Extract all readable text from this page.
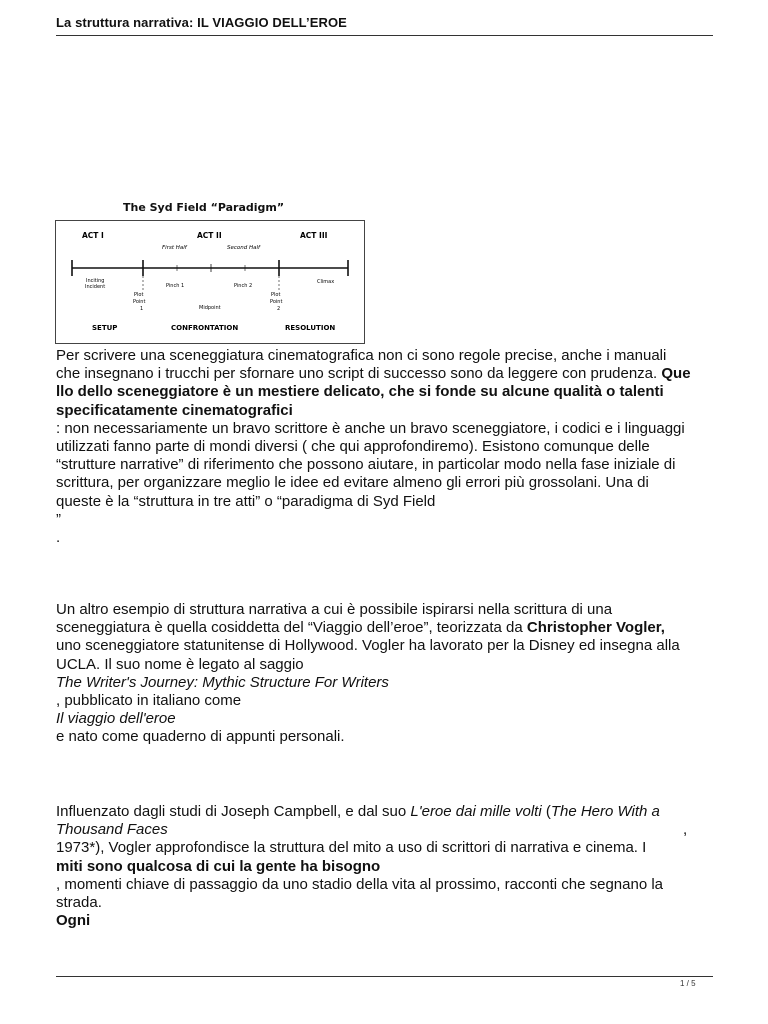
La struttura narrativa: IL VIAGGIO DELL’EROE
The Syd Field “Paradigm”
ACT I	ACT II	ACT III
First Half	Second Half
Inciting
Incident
Plot
Point
1
Pinch 1	Pinch 2
Midpoint
Plot
Point
2
Climax
SETUP	CONFRONTATION	RESOLUTION

Per scrivere una sceneggiatura cinematografica non ci sono regole precise, anche i manuali

che insegnano i trucchi per sfornare uno script di successo sono da leggere con prudenza. Que

llo dello sceneggiatore è un mestiere delicato, che si fonde su alcune qualità o talenti

specificatamente cinematografici

: non necessariamente un bravo scrittore è anche un bravo sceneggiatore, i codici e i linguaggi

utilizzati fanno parte di mondi diversi ( che qui approfondiremo). Esistono comunque delle

“strutture narrative” di riferimento che possono aiutare, in particolar modo nella fase iniziale di

scrittura, per organizzare meglio le idee ed evitare almeno gli errori più grossolani. Una di

queste è la “struttura in tre atti” o “paradigma di Syd Field

”

.

Un altro esempio di struttura narrativa a cui è possibile ispirarsi nella scrittura di una

sceneggiatura è quella cosiddetta del “Viaggio dell’eroe”, teorizzata da Christopher Vogler,

uno sceneggiatore statunitense di Hollywood. Vogler ha lavorato per la Disney ed insegna alla

UCLA. Il suo nome è legato al saggio

The Writer's Journey: Mythic Structure For Writers

, pubblicato in italiano come

Il viaggio dell'eroe

e nato come quaderno di appunti personali.

Influenzato dagli studi di Joseph Campbell, e dal suo L'eroe dai mille volti (The Hero With a

Thousand Faces	,

1973*), Vogler approfondisce la struttura del mito a uso di scrittori di narrativa e cinema. I

miti sono qualcosa di cui la gente ha bisogno

, momenti chiave di passaggio da uno stadio della vita al prossimo, racconti che segnano la

strada.

Ogni

1 / 5
